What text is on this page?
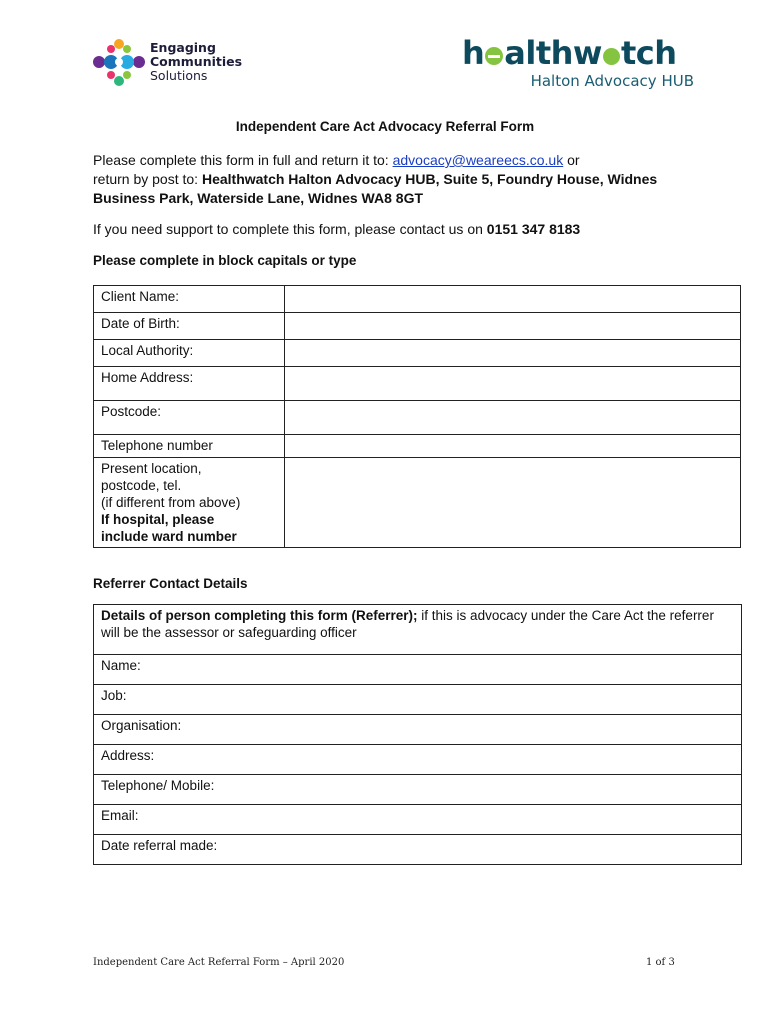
Engaging
Communities
Solutions
h althw tch
Halton Advocacy HUB
Independent Care Act Advocacy Referral Form
Please complete this form in full and return it to: advocacy@weareecs.co.uk or
return by post to: Healthwatch Halton Advocacy HUB, Suite 5, Foundry House, Widnes Business Park, Waterside Lane, Widnes WA8 8GT
If you need support to complete this form, please contact us on 0151 347 8183
Please complete in block capitals or type
Client Name:	
Date of Birth:	
Local Authority:	
Home Address:	
Postcode:	
Telephone number	

Present location,
postcode, tel.
(if different from above)
If hospital, please
include ward number	

Referrer Contact Details
Details of person completing this form (Referrer); if this is advocacy under the Care Act the referrer will be the assessor or safeguarding officer
Name:
Job:
Organisation:
Address:
Telephone/ Mobile:
Email:
Date referral made:
Independent Care Act Referral Form – April 2020	1 of 3
